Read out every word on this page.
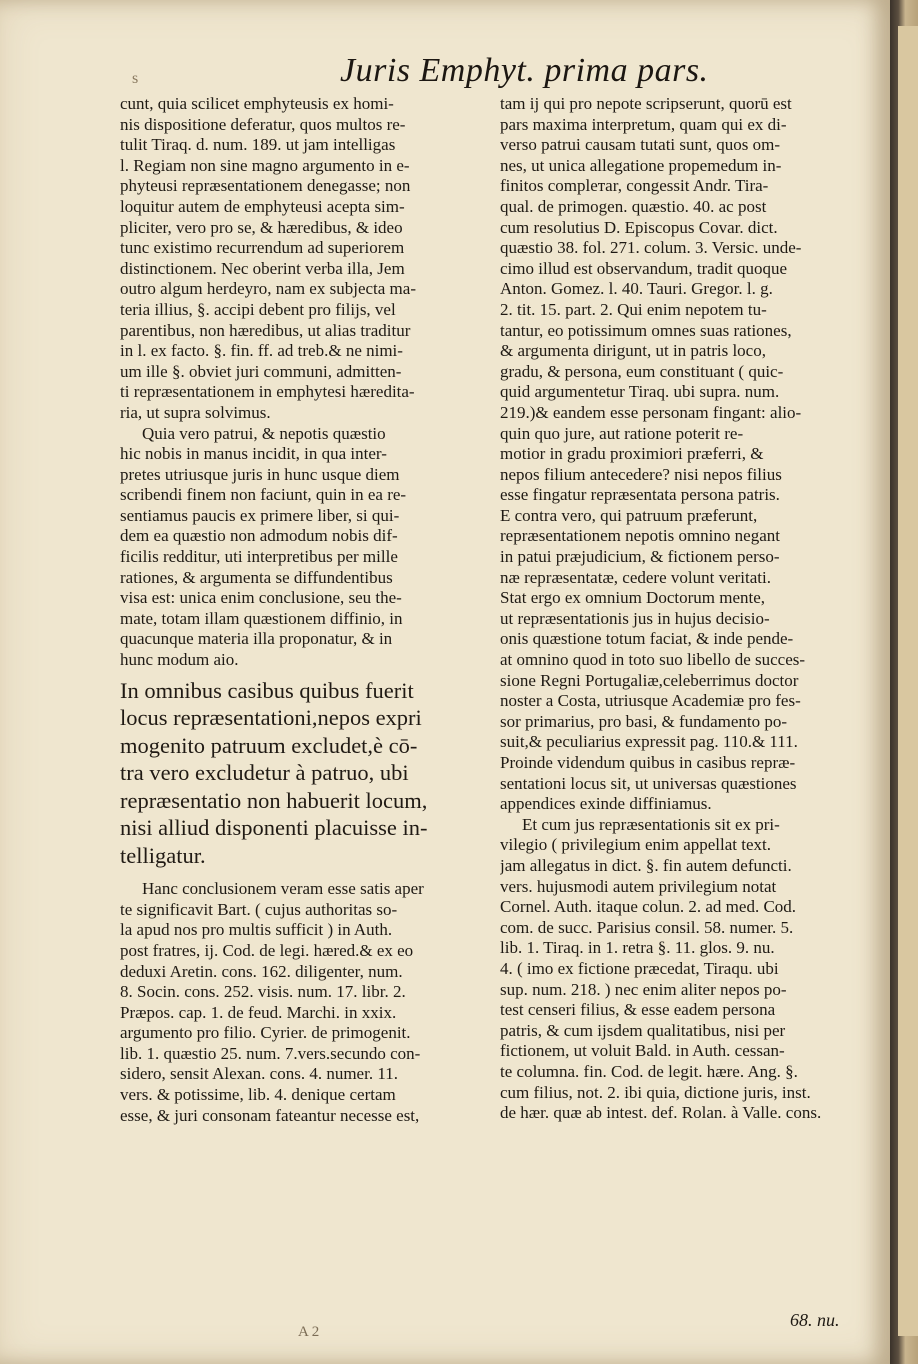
s	Juris Emphyt. prima pars.
cunt, quia scilicet emphyteusis ex homi-
nis dispositione deferatur, quos multos re-
tulit Tiraq. d. num. 189. ut jam intelligas
l. Regiam non sine magno argumento in e-
phyteusi repræsentationem denegasse; non
loquitur autem de emphyteusi acepta sim-
pliciter, vero pro se, & hæredibus, & ideo
tunc existimo recurrendum ad superiorem
distinctionem. Nec oberint verba illa, Jem
outro algum herdeyro, nam ex subjecta ma-
teria illius, §. accipi debent pro filijs, vel
parentibus, non hæredibus, ut alias traditur
in l. ex facto. §. fin. ff. ad treb.& ne nimi-
um ille §. obviet juri communi, admitten-
ti repræsentationem in emphytesi hæredita-
ria, ut supra solvimus.
Quia vero patrui, & nepotis quæstio
hic nobis in manus incidit, in qua inter-
pretes utriusque juris in hunc usque diem
scribendi finem non faciunt, quin in ea re-
sentiamus paucis ex primere liber, si qui-
dem ea quæstio non admodum nobis dif-
ficilis redditur, uti interpretibus per mille
rationes, & argumenta se diffundentibus
visa est: unica enim conclusione, seu the-
mate, totam illam quæstionem diffinio, in
quacunque materia illa proponatur, & in
hunc modum aio.
In omnibus casibus quibus fuerit
locus repræsentationi,nepos expri
mogenito patruum excludet,è cō-
tra vero excludetur à patruo, ubi
repræsentatio non habuerit locum,
nisi alliud disponenti placuisse in-
telligatur.
Hanc conclusionem veram esse satis aper
te significavit Bart. ( cujus authoritas so-
la apud nos pro multis sufficit ) in Auth.
post fratres, ij. Cod. de legi. hæred.& ex eo
deduxi Aretin. cons. 162. diligenter, num.
8. Socin. cons. 252. visis. num. 17. libr. 2.
Præpos. cap. 1. de feud. Marchi. in xxix.
argumento pro filio. Cyrier. de primogenit.
lib. 1. quæstio 25. num. 7.vers.secundo con-
sidero, sensit Alexan. cons. 4. numer. 11.
vers. & potissime, lib. 4. denique certam
esse, & juri consonam fateantur necesse est,
tam ij qui pro nepote scripserunt, quorū est
pars maxima interpretum, quam qui ex di-
verso patrui causam tutati sunt, quos om-
nes, ut unica allegatione propemedum in-
finitos compleтar, congessit Andr. Tira-
qual. de primogen. quæstio. 40. ac post
cum resolutius D. Episcopus Covar. dict.
quæstio 38. fol. 271. colum. 3. Versic. unde-
cimo illud est observandum, tradit quoque
Anton. Gomez. l. 40. Tauri. Gregor. l. g.
2. tit. 15. part. 2. Qui enim nepotem tu-
tantur, eo potissimum omnes suas rationes,
& argumenta dirigunt, ut in patris loco,
gradu, & persona, eum constituant ( quic-
quid argumentetur Tiraq. ubi supra. num.
219.)& eandem esse personam fingant: alio-
quin quo jure, aut ratione poterit re-
motior in gradu proximiori præferri, &
nepos filium antecedere? nisi nepos filius
esse fingatur repræsentata persona patris.
E contra vero, qui patruum præferunt,
repræsentationem nepotis omnino negant
in patui præjudicium, & fictionem perso-
næ repræsentatæ, cedere volunt veritati.
Stat ergo ex omnium Doctorum mente,
ut repræsentationis jus in hujus decisio-
onis quæstione totum faciat, & inde pende-
at omnino quod in toto suo libello de succes-
sione Regni Portugaliæ,celeberrimus doctor
noster a Costa, utriusque Academiæ pro fes-
sor primarius, pro basi, & fundamento po-
suit,& peculiarius expressit pag. 110.& 111.
Proinde videndum quibus in casibus repræ-
sentationi locus sit, ut universas quæstiones
appendices exinde diffiniamus.
Et cum jus repræsentationis sit ex pri-
vilegio ( privilegium enim appellat text.
jam allegatus in dict. §. fin autem defuncti.
vers. hujusmodi autem privilegium notat
Cornel. Auth. itaque colun. 2. ad med. Cod.
com. de succ. Parisius consil. 58. numer. 5.
lib. 1. Tiraq. in 1. retra §. 11. glos. 9. nu.
4. ( imo ex fictione præcedat, Tiraqu. ubi
sup. num. 218. ) nec enim aliter nepos po-
test censeri filius, & esse eadem persona
patris, & cum ijsdem qualitatibus, nisi per
fictionem, ut voluit Bald. in Auth. cessan-
te columna. fin. Cod. de legit. hære. Ang. §.
cum filius, not. 2. ibi quia, dictione juris, inst.
de hær. quæ ab intest. def. Rolan. à Valle. cons.
A 2
68. nu.
